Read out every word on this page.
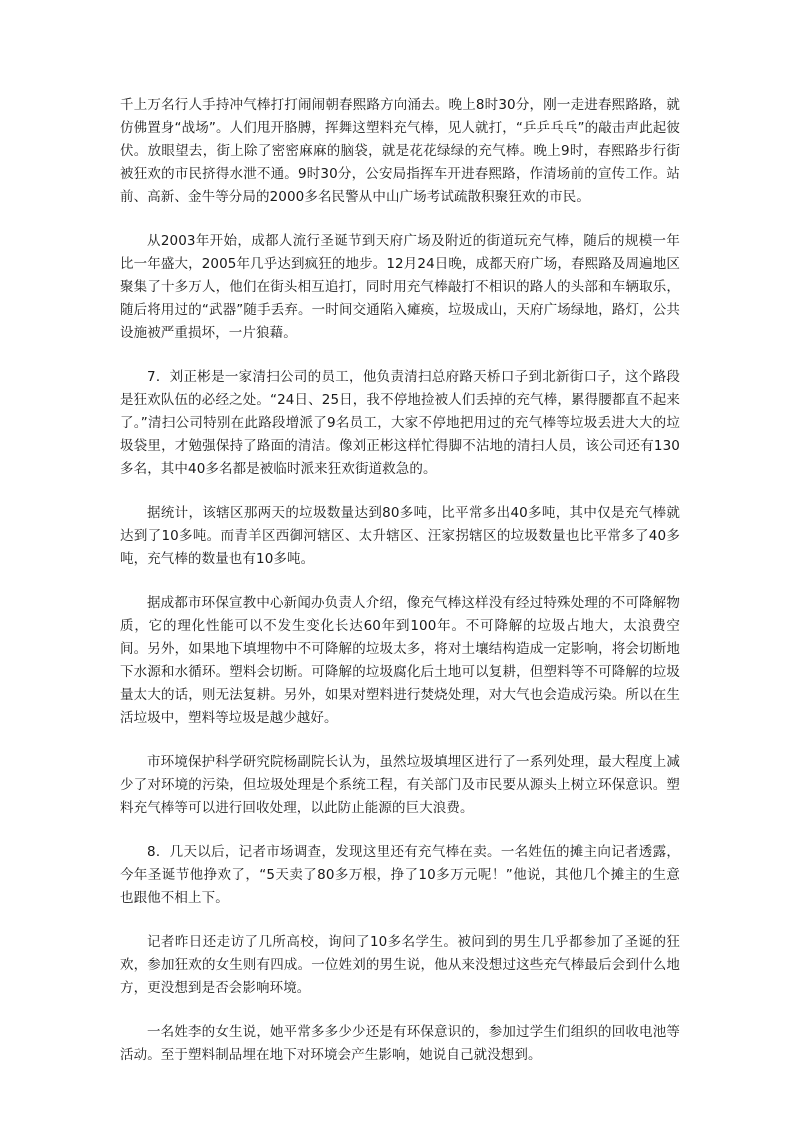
千上万名行人手持冲气棒打打闹闹朝春熙路方向涌去。晚上8时30分，刚一走进春熙路路，就仿佛置身“战场”。人们甩开胳膊，挥舞这塑料充气棒，见人就打，“乒乒乓乓”的敲击声此起彼伏。放眼望去，街上除了密密麻麻的脑袋，就是花花绿绿的充气棒。晚上9时，春熙路步行街被狂欢的市民挤得水泄不通。9时30分，公安局指挥车开进春熙路，作清场前的宣传工作。站前、高新、金牛等分局的2000多名民警从中山广场考试疏散积聚狂欢的市民。

从2003年开始，成都人流行圣诞节到天府广场及附近的街道玩充气棒，随后的规模一年比一年盛大，2005年几乎达到疯狂的地步。12月24日晚，成都天府广场，春熙路及周遍地区聚集了十多万人，他们在街头相互追打，同时用充气棒敲打不相识的路人的头部和车辆取乐，随后将用过的“武器”随手丢弃。一时间交通陷入瘫痪，垃圾成山，天府广场绿地，路灯，公共设施被严重损坏，一片狼藉。

7．刘正彬是一家清扫公司的员工，他负责清扫总府路天桥口子到北新街口子，这个路段是狂欢队伍的必经之处。“24日、25日，我不停地捡被人们丢掉的充气棒，累得腰都直不起来了。”清扫公司特别在此路段增派了9名员工，大家不停地把用过的充气棒等垃圾丢进大大的垃圾袋里，才勉强保持了路面的清洁。像刘正彬这样忙得脚不沾地的清扫人员，该公司还有130多名，其中40多名都是被临时派来狂欢街道救急的。

据统计，该辖区那两天的垃圾数量达到80多吨，比平常多出40多吨，其中仅是充气棒就达到了10多吨。而青羊区西御河辖区、太升辖区、汪家拐辖区的垃圾数量也比平常多了40多吨，充气棒的数量也有10多吨。

据成都市环保宣教中心新闻办负责人介绍，像充气棒这样没有经过特殊处理的不可降解物质，它的理化性能可以不发生变化长达60年到100年。不可降解的垃圾占地大，太浪费空间。另外，如果地下填埋物中不可降解的垃圾太多，将对土壤结构造成一定影响，将会切断地下水源和水循环。塑料会切断。可降解的垃圾腐化后土地可以复耕，但塑料等不可降解的垃圾量太大的话，则无法复耕。另外，如果对塑料进行焚烧处理，对大气也会造成污染。所以在生活垃圾中，塑料等垃圾是越少越好。

市环境保护科学研究院杨副院长认为，虽然垃圾填埋区进行了一系列处理，最大程度上减少了对环境的污染，但垃圾处理是个系统工程，有关部门及市民要从源头上树立环保意识。塑料充气棒等可以进行回收处理，以此防止能源的巨大浪费。

8．几天以后，记者市场调查，发现这里还有充气棒在卖。一名姓伍的摊主向记者透露，今年圣诞节他挣欢了，“5天卖了80多万根，挣了10多万元呢！”他说，其他几个摊主的生意也跟他不相上下。

记者昨日还走访了几所高校，询问了10多名学生。被问到的男生几乎都参加了圣诞的狂欢，参加狂欢的女生则有四成。一位姓刘的男生说，他从来没想过这些充气棒最后会到什么地方，更没想到是否会影响环境。

一名姓李的女生说，她平常多多少少还是有环保意识的，参加过学生们组织的回收电池等活动。至于塑料制品埋在地下对环境会产生影响，她说自己就没想到。
